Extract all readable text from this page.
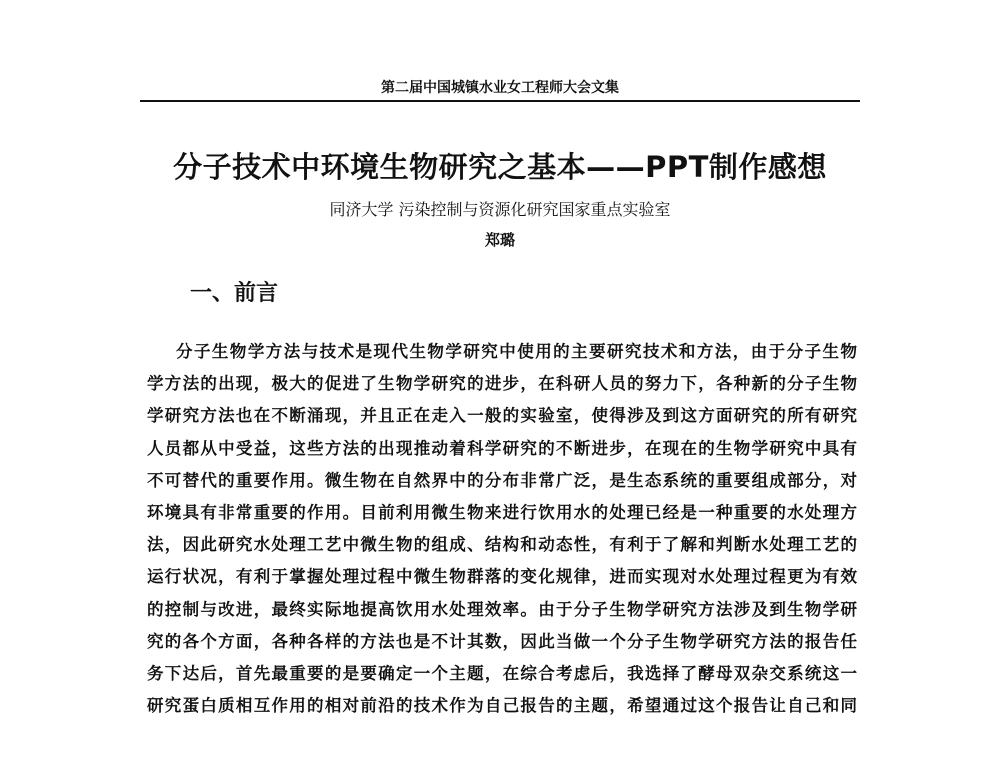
第二届中国城镇水业女工程师大会文集
分子技术中环境生物研究之基本——PPT制作感想
同济大学 污染控制与资源化研究国家重点实验室
郑璐
一、前言
分子生物学方法与技术是现代生物学研究中使用的主要研究技术和方法，由于分子生物
学方法的出现，极大的促进了生物学研究的进步，在科研人员的努力下，各种新的分子生物
学研究方法也在不断涌现，并且正在走入一般的实验室，使得涉及到这方面研究的所有研究
人员都从中受益，这些方法的出现推动着科学研究的不断进步，在现在的生物学研究中具有
不可替代的重要作用。微生物在自然界中的分布非常广泛，是生态系统的重要组成部分，对
环境具有非常重要的作用。目前利用微生物来进行饮用水的处理已经是一种重要的水处理方
法，因此研究水处理工艺中微生物的组成、结构和动态性，有利于了解和判断水处理工艺的
运行状况，有利于掌握处理过程中微生物群落的变化规律，进而实现对水处理过程更为有效
的控制与改进，最终实际地提高饮用水处理效率。由于分子生物学研究方法涉及到生物学研
究的各个方面，各种各样的方法也是不计其数，因此当做一个分子生物学研究方法的报告任
务下达后，首先最重要的是要确定一个主题，在综合考虑后，我选择了酵母双杂交系统这一
研究蛋白质相互作用的相对前沿的技术作为自己报告的主题，希望通过这个报告让自己和同
